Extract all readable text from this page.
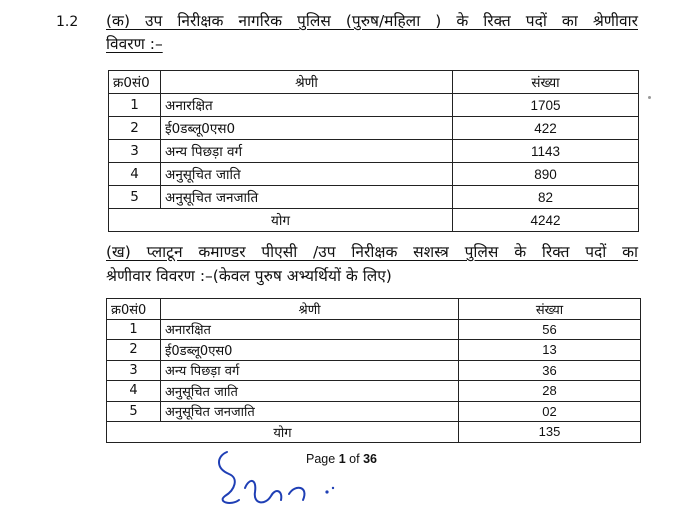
1.2 (क) उप निरीक्षक नागरिक पुलिस (पुरुष/महिला ) के रिक्त पदों का श्रेणीवार
विवरण :–
क्र0सं0	श्रेणी	संख्या
1	अनारक्षित	1705
2	ई0डब्लू0एस0	422
3	अन्य पिछड़ा वर्ग	1143
4	अनुसूचित जाति	890
5	अनुसूचित जनजाति	82
योग		4242
(ख) प्लाटून कमाण्डर पीएसी /उप निरीक्षक सशस्त्र पुलिस के रिक्त पदों का
श्रेणीवार विवरण :–(केवल पुरुष अभ्यर्थियों के लिए)
क्र0सं0	श्रेणी	संख्या
1	अनारक्षित	56
2	ई0डब्लू0एस0	13
3	अन्य पिछड़ा वर्ग	36
4	अनुसूचित जाति	28
5	अनुसूचित जनजाति	02
योग		135
Page 1 of 36
